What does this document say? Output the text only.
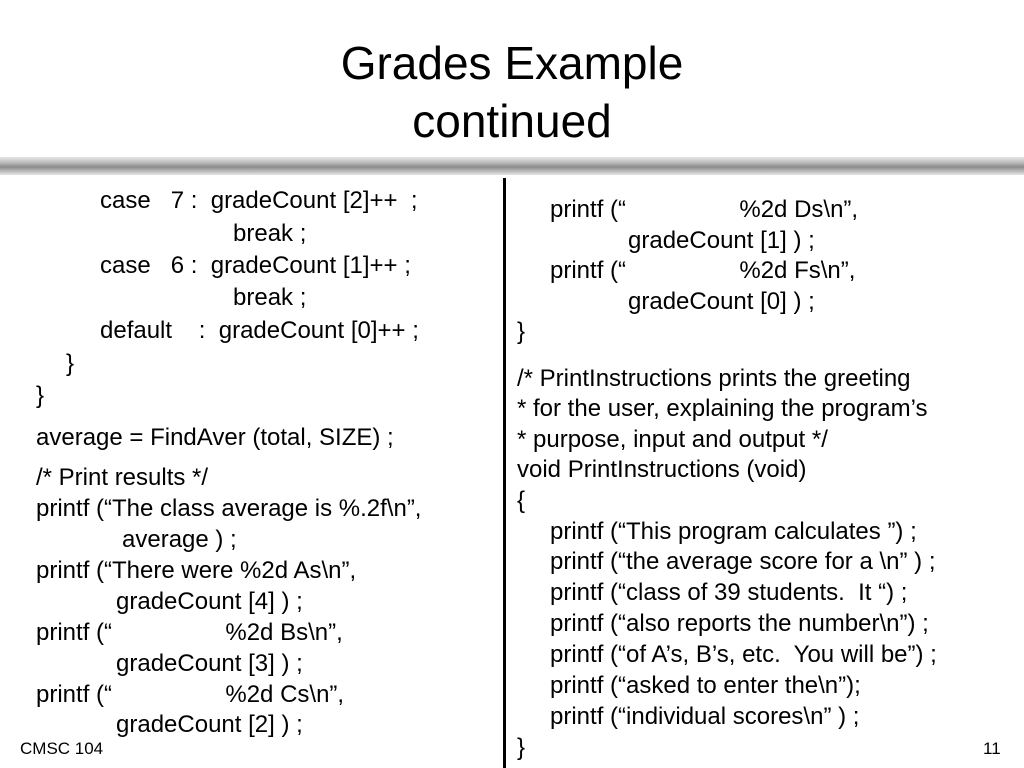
Grades Example
continued
case   7 :  gradeCount [2]++  ;
break ;
case   6 :  gradeCount [1]++ ;
break ;
default    :  gradeCount [0]++ ;
}
}
average = FindAver (total, SIZE) ;
/* Print results */
printf (“The class average is %.2f\n”,
average ) ;
printf (“There were %2d As\n”,
gradeCount [4] ) ;
printf (“                 %2d Bs\n”,
gradeCount [3] ) ;
printf (“                 %2d Cs\n”,
gradeCount [2] ) ;
printf (“                 %2d Ds\n”,
gradeCount [1] ) ;
printf (“                 %2d Fs\n”,
gradeCount [0] ) ;
}
/* PrintInstructions prints the greeting
* for the user, explaining the program’s
* purpose, input and output */
void PrintInstructions (void)
{
printf (“This program calculates ”) ;
printf (“the average score for a \n” ) ;
printf (“class of 39 students.  It “) ;
printf (“also reports the number\n”) ;
printf (“of A’s, B’s, etc.  You will be”) ;
printf (“asked to enter the\n”);
printf (“individual scores\n” ) ;
}
CMSC 104	11
